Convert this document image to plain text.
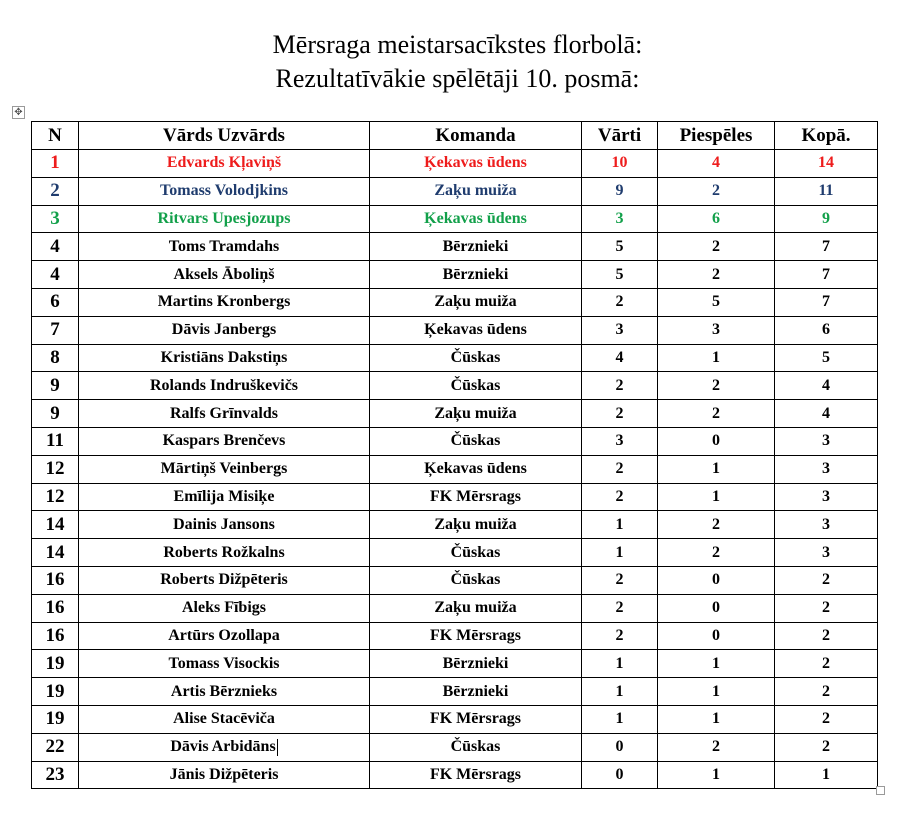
Mērsraga meistarsacīkstes florbolā:
Rezultatīvākie spēlētāji 10. posmā:
✥
N	Vārds Uzvārds	Komanda	Vārti	Piespēles	Kopā.
1	Edvards Kļaviņš	Ķekavas ūdens	10	4	14
2	Tomass Volodjkins	Zaķu muiža	9	2	11
3	Ritvars Upesjozups	Ķekavas ūdens	3	6	9
4	Toms Tramdahs	Bērznieki	5	2	7
4	Aksels Āboliņš	Bērznieki	5	2	7
6	Martins Kronbergs	Zaķu muiža	2	5	7
7	Dāvis Janbergs	Ķekavas ūdens	3	3	6
8	Kristiāns Dakstiņs	Čūskas	4	1	5
9	Rolands Indruškevičs	Čūskas	2	2	4
9	Ralfs Grīnvalds	Zaķu muiža	2	2	4
11	Kaspars Brenčevs	Čūskas	3	0	3
12	Mārtiņš Veinbergs	Ķekavas ūdens	2	1	3
12	Emīlija Misiķe	FK Mērsrags	2	1	3
14	Dainis Jansons	Zaķu muiža	1	2	3
14	Roberts Rožkalns	Čūskas	1	2	3
16	Roberts Dižpēteris	Čūskas	2	0	2
16	Aleks Fībigs	Zaķu muiža	2	0	2
16	Artūrs Ozollapa	FK Mērsrags	2	0	2
19	Tomass Visockis	Bērznieki	1	1	2
19	Artis Bērznieks	Bērznieki	1	1	2
19	Alise Stacēviča	FK Mērsrags	1	1	2
22	Dāvis Arbidāns	Čūskas	0	2	2
23	Jānis Dižpēteris	FK Mērsrags	0	1	1
